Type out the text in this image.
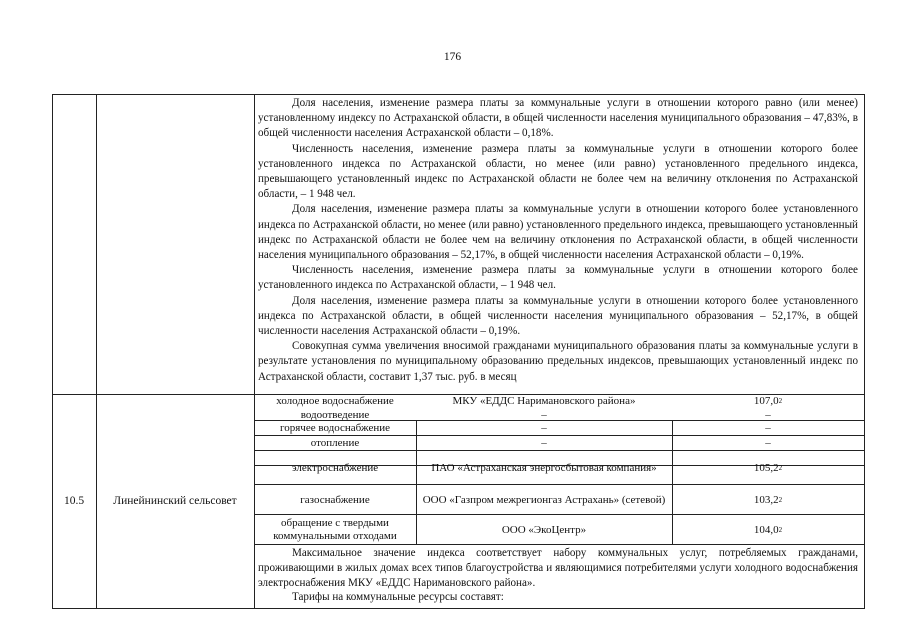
176

Доля населения, изменение размера платы за коммунальные услуги в отношении которого равно (или менее) установленному индексу по Астраханской области, в общей численности населения муниципального образования – 47,83%, в общей численности населения Астраханской области – 0,18%.

Численность населения, изменение размера платы за коммунальные услуги в отношении которого более установленного индекса по Астраханской области, но менее (или равно) установленного предельного индекса, превышающего установленный индекс по Астраханской области не более чем на величину отклонения по Астраханской области, – 1 948 чел.

Доля населения, изменение размера платы за коммунальные услуги в отношении которого более установленного индекса по Астраханской области, но менее (или равно) установленного предельного индекса, превышающего установленный индекс по Астраханской области не более чем на величину отклонения по Астраханской области, в общей численности населения муниципального образования – 52,17%, в общей численности населения Астраханской области – 0,19%.

Численность населения, изменение размера платы за коммунальные услуги в отношении которого более установленного индекса по Астраханской области, – 1 948 чел.

Доля населения, изменение размера платы за коммунальные услуги в отношении которого более установленного индекса по Астраханской области, в общей численности населения муниципального образования – 52,17%, в общей численности населения Астраханской области – 0,19%.

Совокупная сумма увеличения вносимой гражданами муниципального образования платы за коммунальные услуги в результате установления по муниципальному образованию предельных индексов, превышающих установленный индекс по Астраханской области, составит 1,37 тыс. руб. в месяц

10.5	Линейнинский сельсовет
холодное водоснабжение	МКУ «ЕДДС Наримановского района»	107,0 2
водоотведение	–	–
горячее водоснабжение	–	–
отопление	–	–
электроснабжение	ПАО «Астраханская энергосбытовая компания»	105,2 2
газоснабжение	ООО «Газпром межрегионгаз Астрахань» (сетевой)	103,2 2
обращение с твердыми коммунальными отходами	ООО «ЭкоЦентр»	104,0 2

Максимальное значение индекса соответствует набору коммунальных услуг, потребляемых гражданами, проживающими в жилых домах всех типов благоустройства и являющимися потребителями услуги холодного водоснабжения электроснабжения МКУ «ЕДДС Наримановского района».

Тарифы на коммунальные ресурсы составят:
